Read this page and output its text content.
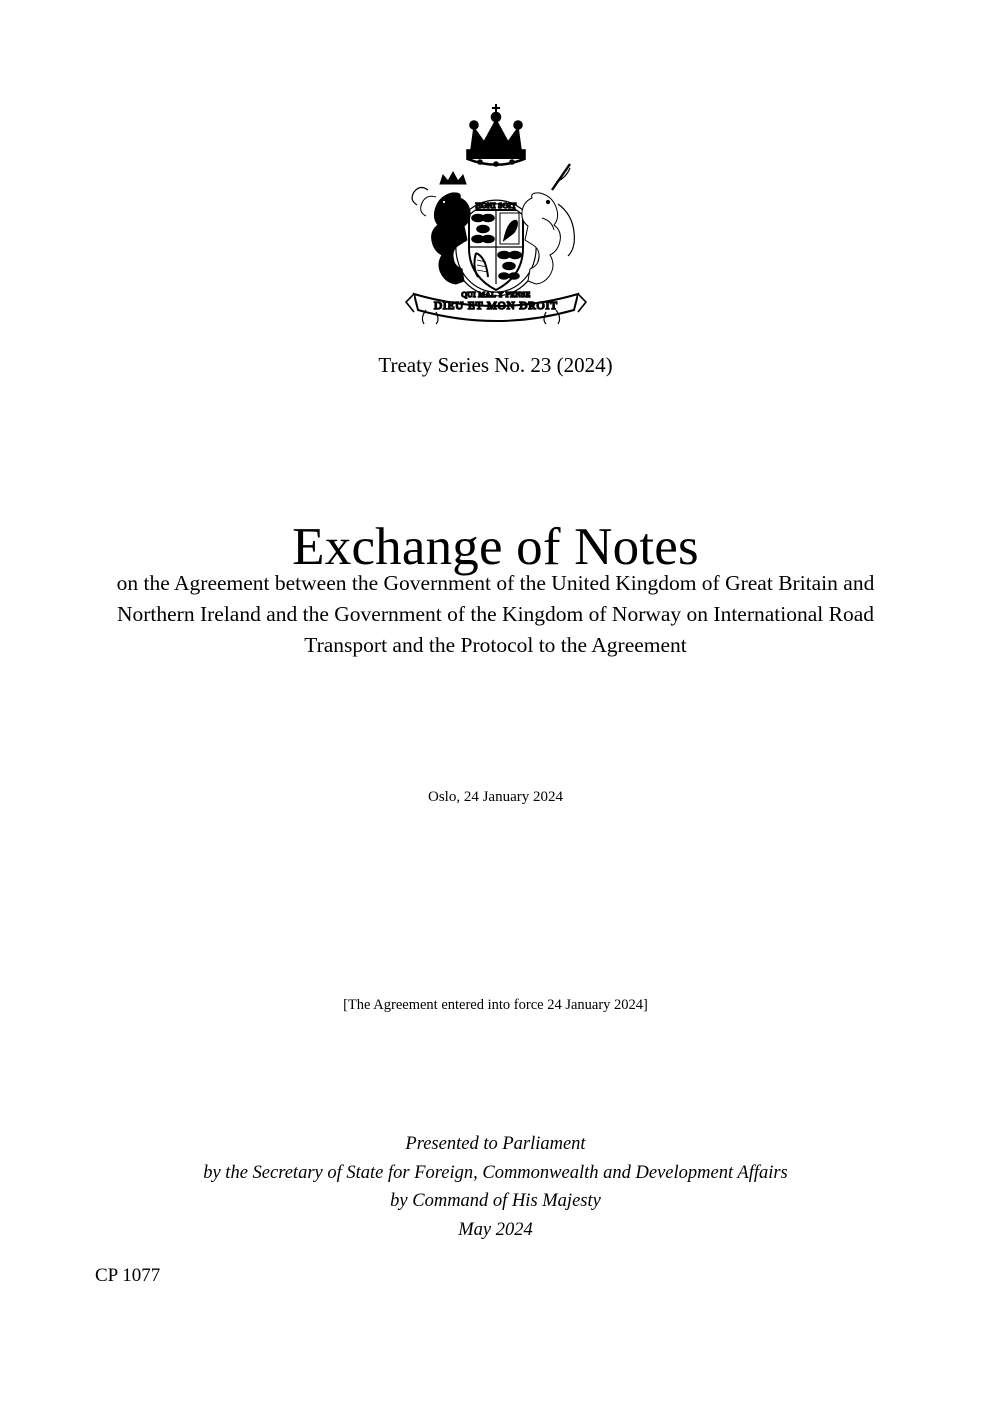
HONI SOIT
QUI MAL Y PENSE
DIEU ET MON DROIT
Treaty Series No. 23 (2024)
Exchange of Notes
on the Agreement between the Government of the United Kingdom of Great Britain and Northern Ireland and the Government of the Kingdom of Norway on International Road Transport and the Protocol to the Agreement
Oslo, 24 January 2024
[The Agreement entered into force 24 January 2024]
Presented to Parliament
by the Secretary of State for Foreign, Commonwealth and Development Affairs
by Command of His Majesty
May 2024
CP 1077
